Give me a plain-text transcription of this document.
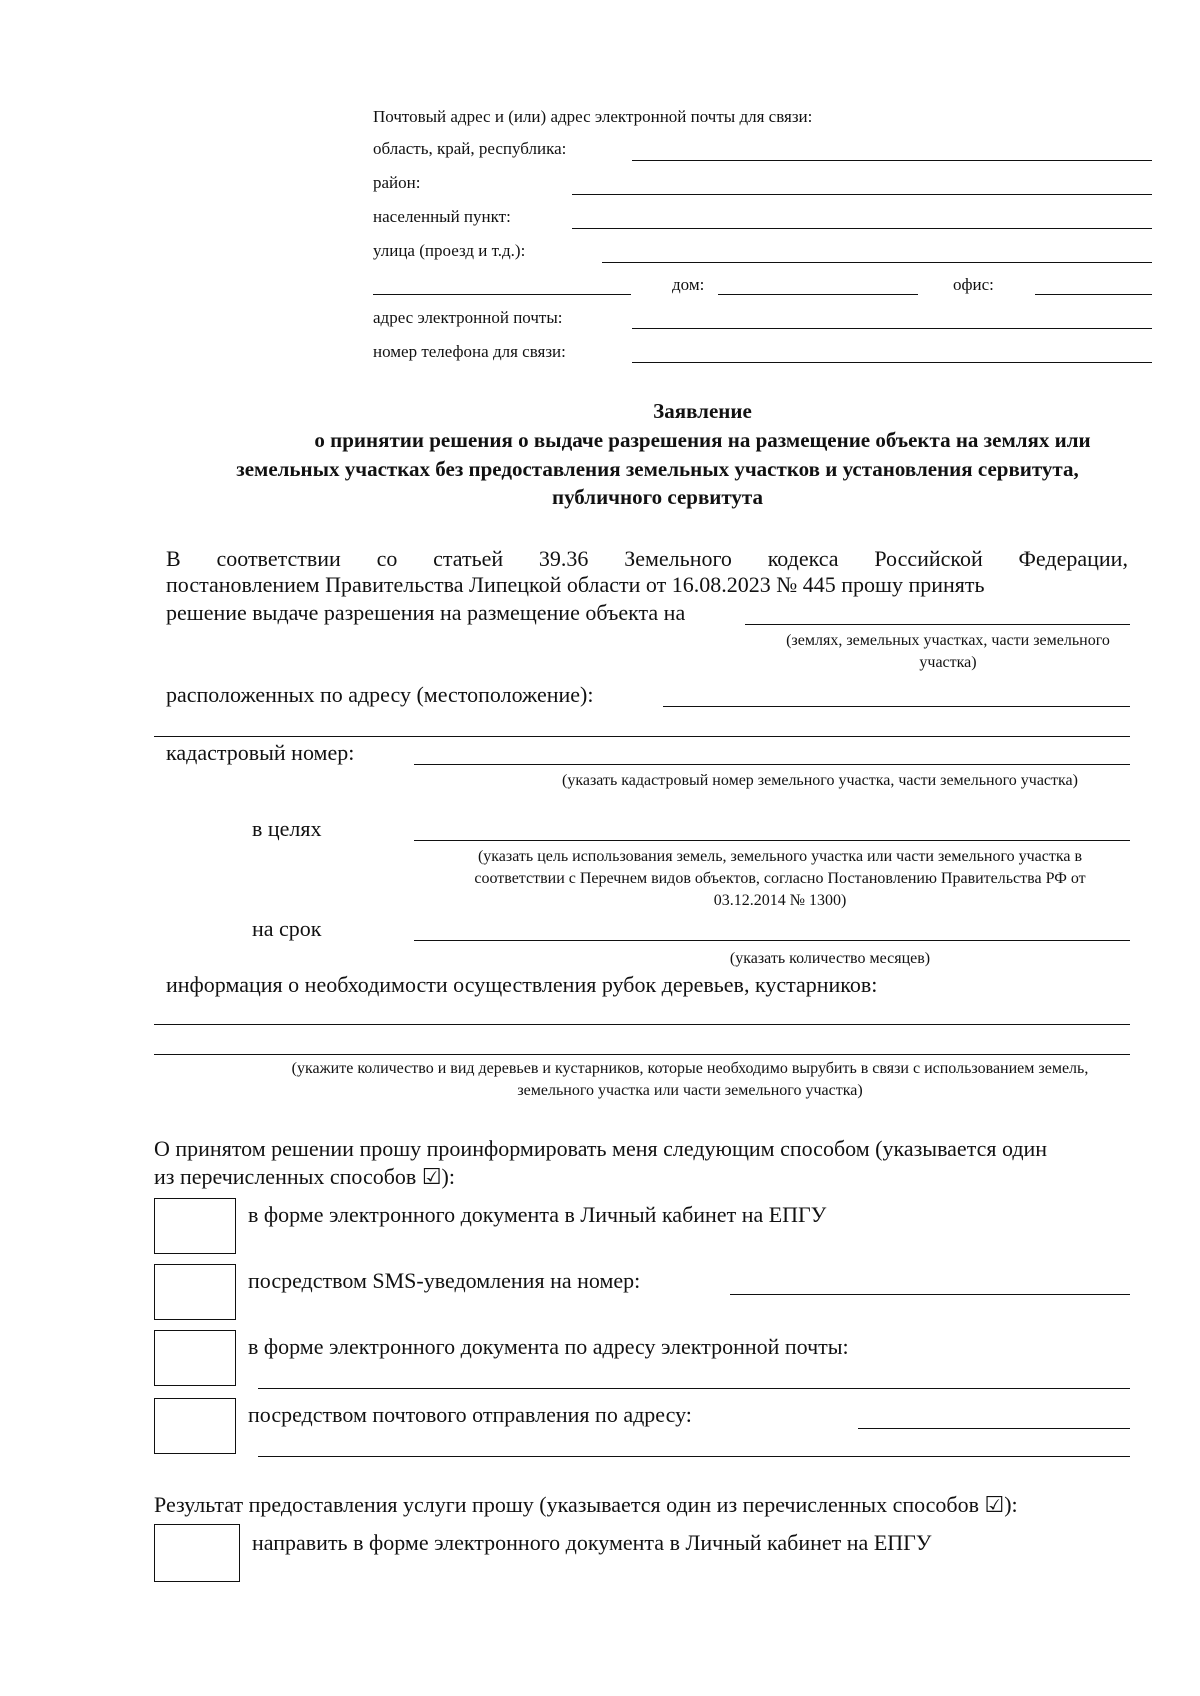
Почтовый адрес и (или) адрес электронной почты для связи:
область, край, республика:
район:
населенный пункт:
улица (проезд и т.д.):
дом:	офис:
адрес электронной почты:
номер телефона для связи:
Заявление
о принятии решения о выдаче разрешения на размещение объекта на землях или
земельных участках без предоставления земельных участков и установления сервитута,
публичного сервитута
В соответствии со статьей 39.36 Земельного кодекса Российской Федерации,
постановлением Правительства Липецкой области от 16.08.2023 № 445 прошу принять
решение выдаче разрешения на размещение объекта на
(землях, земельных участках, части земельного участка)
расположенных по адресу (местоположение):
кадастровый номер:
(указать кадастровый номер земельного участка, части земельного участка)
в целях
(указать цель использования земель, земельного участка или части земельного участка в соответствии с Перечнем видов объектов, согласно Постановлению Правительства РФ от 03.12.2014 № 1300)
на срок
(указать количество месяцев)
информация о необходимости осуществления рубок деревьев, кустарников:
(укажите количество и вид деревьев и кустарников, которые необходимо вырубить в связи с использованием земель, земельного участка или части земельного участка)
О принятом решении прошу проинформировать меня следующим способом (указывается один
из перечисленных способов ☑):
в форме электронного документа в Личный кабинет на ЕПГУ
посредством SMS-уведомления на номер:
в форме электронного документа по адресу электронной почты:
посредством почтового отправления по адресу:
Результат предоставления услуги прошу (указывается один из перечисленных способов ☑):
направить в форме электронного документа в Личный кабинет на ЕПГУ
